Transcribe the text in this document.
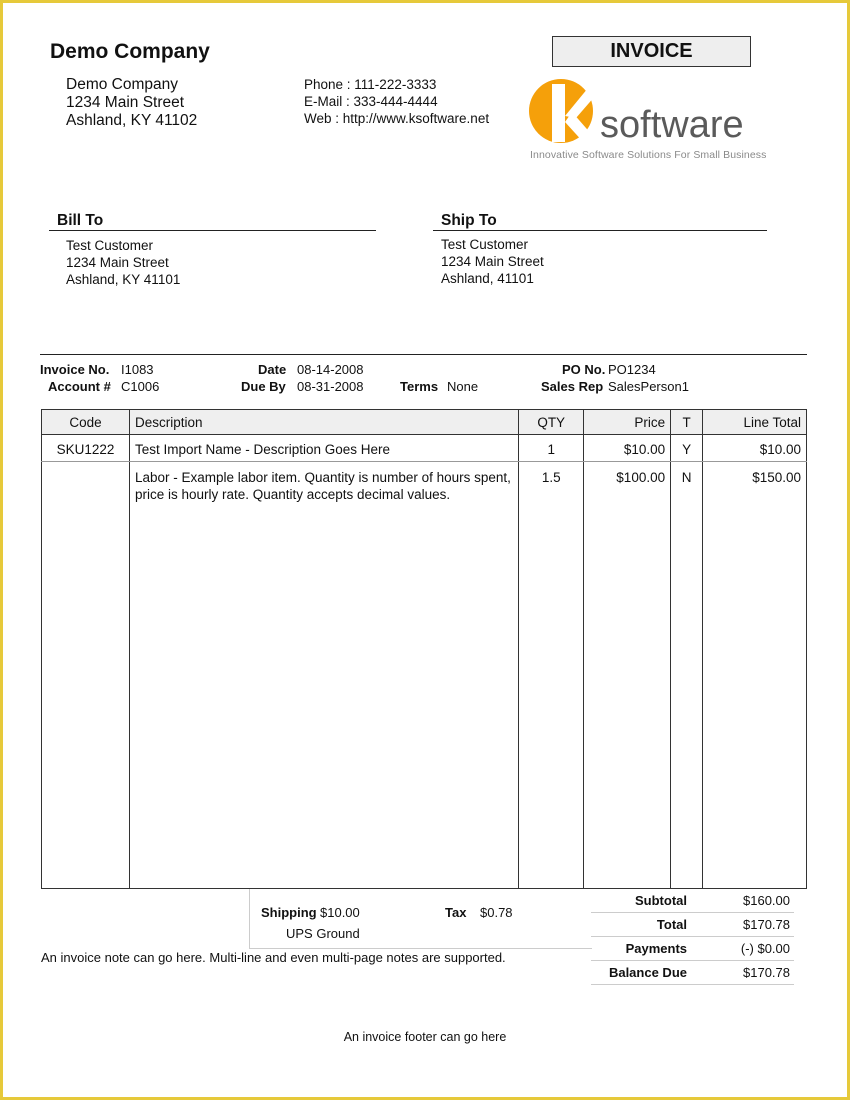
Demo Company
Demo Company
1234 Main Street
Ashland, KY 41102
Phone : 111-222-3333
E-Mail : 333-444-4444
Web : http://www.ksoftware.net
INVOICE
software
Innovative Software Solutions For Small Business
Bill To
Test Customer
1234 Main Street
Ashland, KY 41101
Ship To
Test Customer
1234 Main Street
Ashland, 41101
Invoice No. I1083
Account # C1006
Date 08-14-2008
Due By 08-31-2008	Terms None
PO No. PO1234
Sales Rep SalesPerson1
Code	Description	QTY	Price	T	Line Total
SKU1222	Test Import Name - Description Goes Here	1	$10.00	Y	$10.00
	Labor - Example labor item. Quantity is number of hours spent, price is hourly rate. Quantity accepts decimal values.	1.5	$100.00	N	$150.00
Shipping $10.00
UPS Ground
Tax $0.78
Subtotal	$160.00
Total	$170.78
Payments	(-) $0.00
Balance Due	$170.78
An invoice note can go here. Multi-line and even multi-page notes are supported.
An invoice footer can go here
